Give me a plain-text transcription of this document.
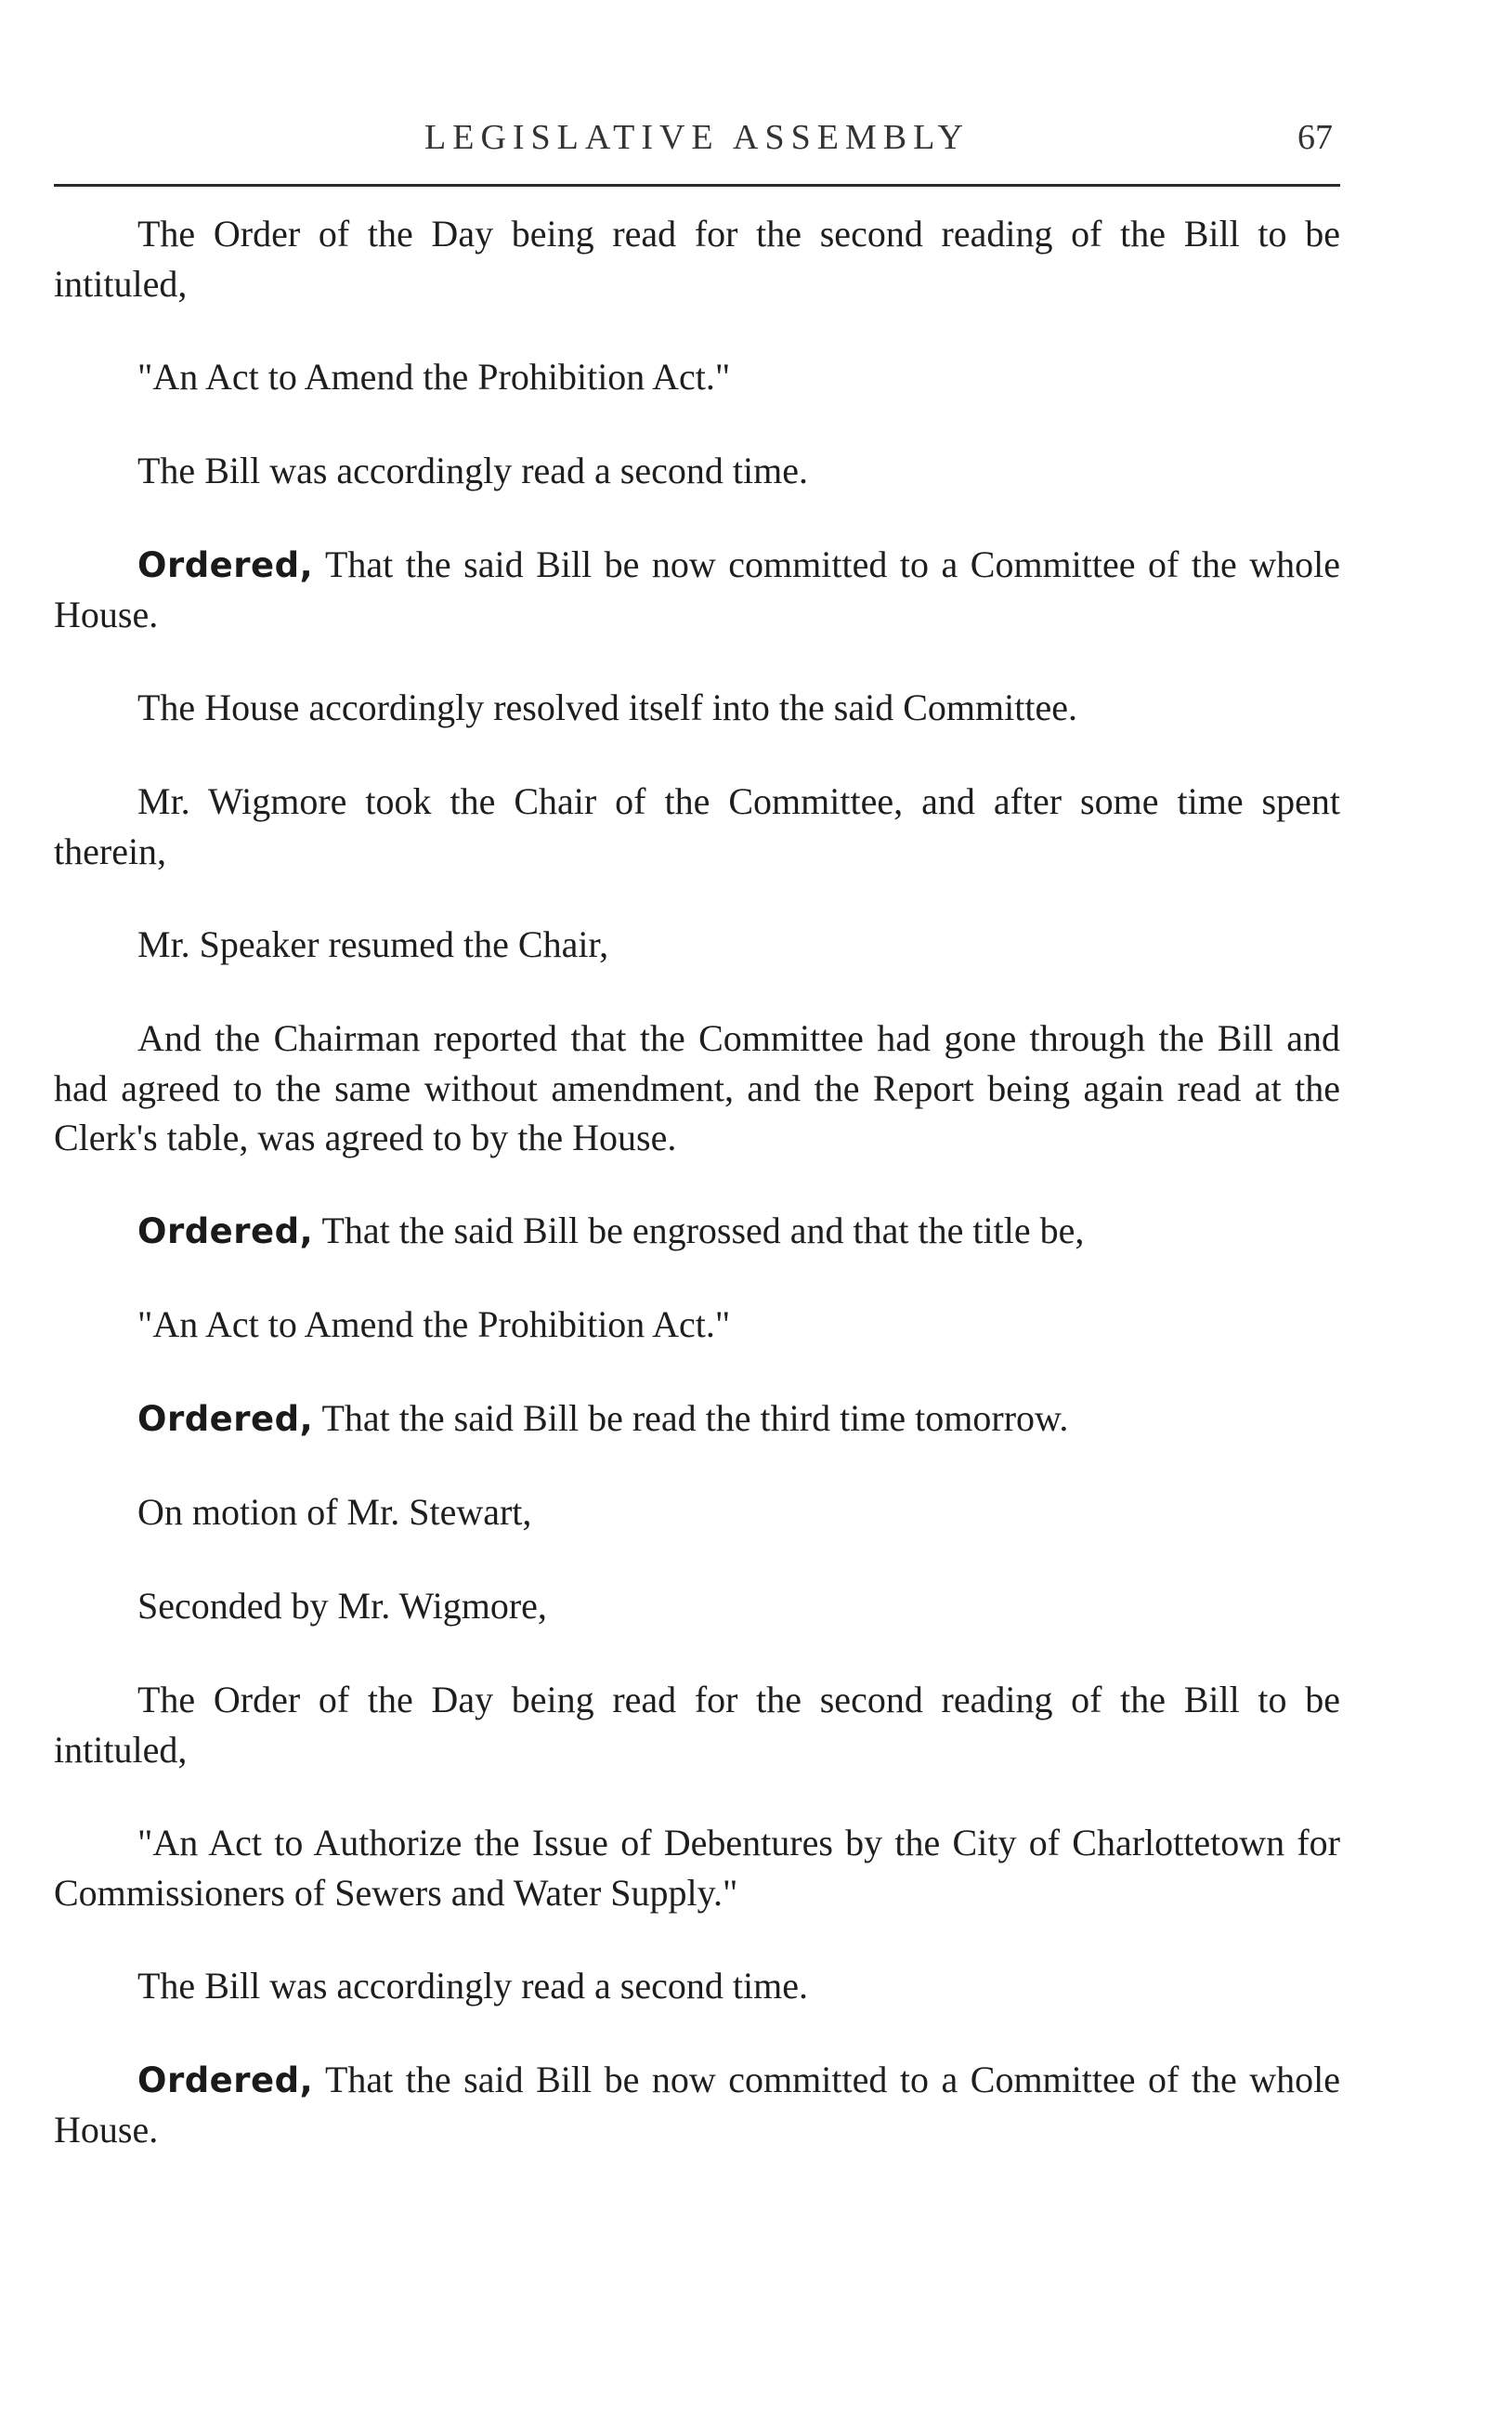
LEGISLATIVE ASSEMBLY	67

The Order of the Day being read for the second reading of the Bill to be intituled,

"An Act to Amend the Prohibition Act."

The Bill was accordingly read a second time.

Ordered, That the said Bill be now committed to a Committee of the whole House.

The House accordingly resolved itself into the said Committee.

Mr. Wigmore took the Chair of the Committee, and after some time spent therein,

Mr. Speaker resumed the Chair,

And the Chairman reported that the Committee had gone through the Bill and had agreed to the same without amendment, and the Report being again read at the Clerk's table, was agreed to by the House.

Ordered, That the said Bill be engrossed and that the title be,

"An Act to Amend the Prohibition Act."

Ordered, That the said Bill be read the third time tomorrow.

On motion of Mr. Stewart,

Seconded by Mr. Wigmore,

The Order of the Day being read for the second reading of the Bill to be intituled,

"An Act to Authorize the Issue of Debentures by the City of Charlottetown for Commissioners of Sewers and Water Supply."

The Bill was accordingly read a second time.

Ordered, That the said Bill be now committed to a Committee of the whole House.
